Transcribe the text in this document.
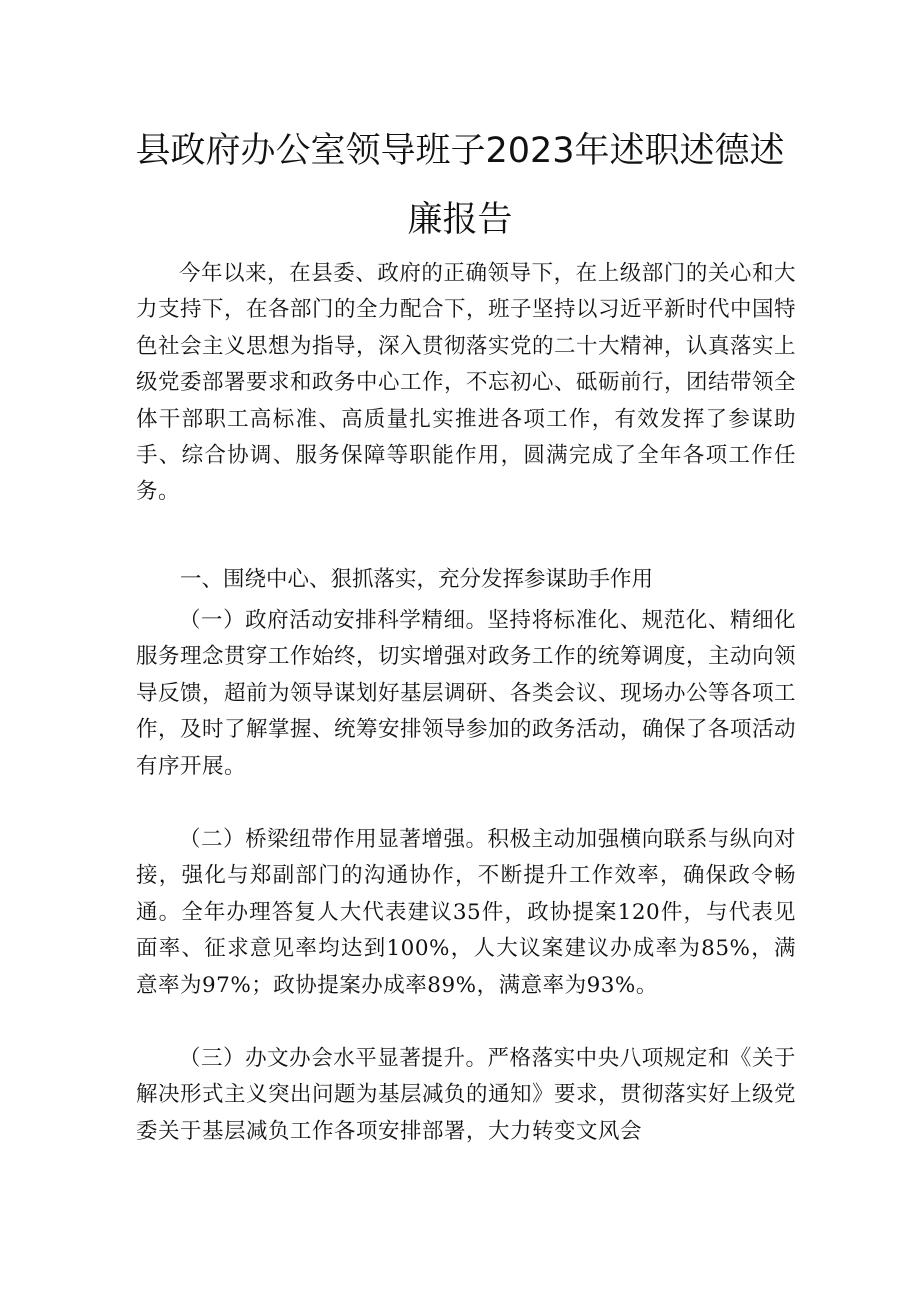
县政府办公室领导班子2023年述职述德述
廉报告

今年以来，在县委、政府的正确领导下，在上级部门的关心和大力支持下，在各部门的全力配合下，班子坚持以习近平新时代中国特色社会主义思想为指导，深入贯彻落实党的二十大精神，认真落实上级党委部署要求和政务中心工作，不忘初心、砥砺前行，团结带领全体干部职工高标准、高质量扎实推进各项工作，有效发挥了参谋助手、综合协调、服务保障等职能作用，圆满完成了全年各项工作任务。

一、围绕中心、狠抓落实，充分发挥参谋助手作用

（一）政府活动安排科学精细。坚持将标准化、规范化、精细化服务理念贯穿工作始终，切实增强对政务工作的统筹调度，主动向领导反馈，超前为领导谋划好基层调研、各类会议、现场办公等各项工作，及时了解掌握、统筹安排领导参加的政务活动，确保了各项活动有序开展。

（二）桥梁纽带作用显著增强。积极主动加强横向联系与纵向对接，强化与郑副部门的沟通协作，不断提升工作效率，确保政令畅通。全年办理答复人大代表建议35件，政协提案120件，与代表见面率、征求意见率均达到100%，人大议案建议办成率为85%，满意率为97%；政协提案办成率89%，满意率为93%。

（三）办文办会水平显著提升。严格落实中央八项规定和《关于解决形式主义突出问题为基层减负的通知》要求，贯彻落实好上级党委关于基层减负工作各项安排部署，大力转变文风会
